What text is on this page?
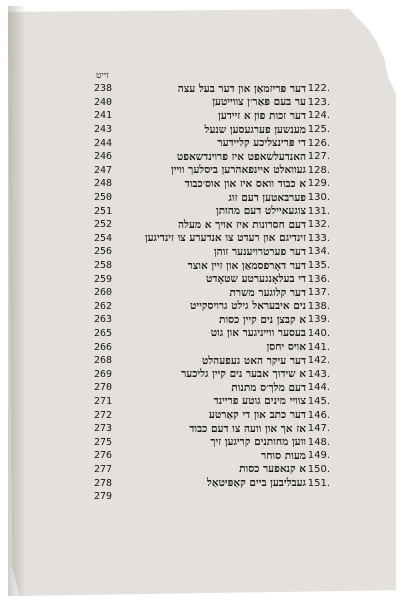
זייט
238	דער פּריזמאַן און דער בעל עצה 122.
240	ער בעם פּאַר׳ן צווייטען 123.
241	דער זכות פון א זיידען 124.
243	מענשען פערגעסען שנעל 125.
244	די פּרינצליכע קליידער 126.
246	האנדעלשאפט איז פרוינדשאפט 127.
247	געוואלט איינפאהרען ביסלעך וויין 128.
248	א כבוד וואס איז און אוס׳כבוד 129.
250	פערבאטען דעם זוג 130.
251	צוגעאיילט דעם מהותן 131.
252	דעם חסרונות איז אויך א מעלה 132.
254	זינדיגם און רעדט צו אנדערע צו זינדיגען 133.
256	דער פערטרויענער זוהן 134.
258	דער דאָרפסמאַן און זיין אוצר 135.
259	די בעלאָנגערטע שטאָדט 136.
260	דער קלוגער משרת 137.
262	נים איבעראל גילט גרויסקייט 138.
263	א קבצן נים קיין כסות 139.
265	בעסער ווייניגער און גוט 140.
266	אויס יחסן 141.
268	דער עיקר האט געפעהלט 142.
269	א שידוך אבער נים קיין גליכער 143.
270	דעם מלך׳ס מתנות 144.
271	צוויי מינים גוטע פריינד 145.
272	דער כתב און די קאַרטע 146.
273	אז אך און וועה צו דעם כבוד 147.
275	ווען מחותנים קריגען זיך 148.
276	מעות סוחר 149.
277	א קנאפער כסות 150.
278	געבליבען ביים קאַפּיטאַל 151.
279
